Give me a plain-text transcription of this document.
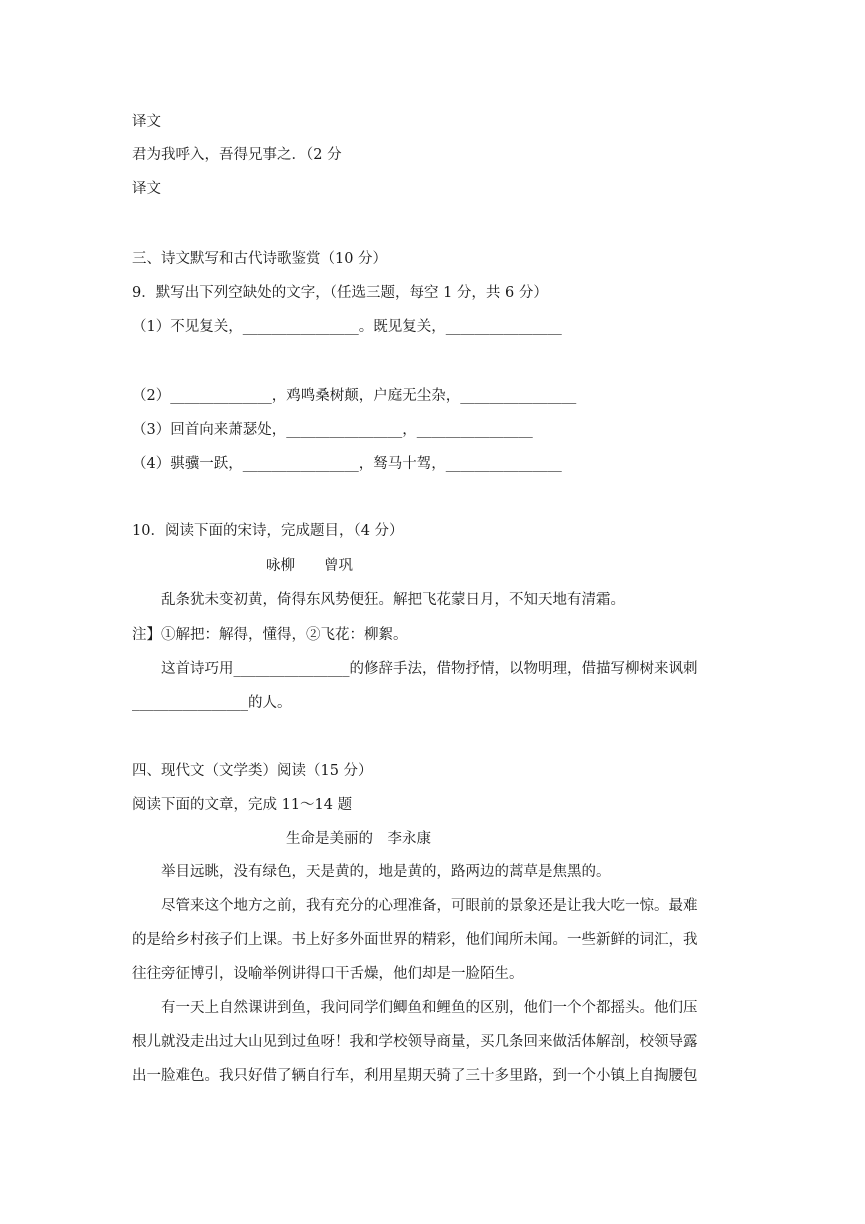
译文
君为我呼入，吾得兄事之．（2 分
译文
三、诗文默写和古代诗歌鉴赏（10 分）
9．默写出下列空缺处的文字，（任选三题，每空 1 分，共 6 分）
（1）不见复关，________________。既见复关，________________
（2）______________，鸡鸣桑树颠，户庭无尘杂，________________
（3）回首向来萧瑟处，________________，________________
（4）骐骥一跃，________________，驽马十驾，________________
10．阅读下面的宋诗，完成题目，（4 分）
咏柳　　曾巩
乱条犹未变初黄，倚得东风势便狂。解把飞花蒙日月，不知天地有清霜。
注】①解把：解得，懂得，②飞花：柳絮。
这首诗巧用________________的修辞手法，借物抒情，以物明理，借描写柳树来讽刺
________________的人。
四、现代文（文学类）阅读（15 分）
阅读下面的文章，完成 11～14 题
生命是美丽的　李永康
举目远眺，没有绿色，天是黄的，地是黄的，路两边的蒿草是焦黑的。
尽管来这个地方之前，我有充分的心理准备，可眼前的景象还是让我大吃一惊。最难
的是给乡村孩子们上课。书上好多外面世界的精彩，他们闻所未闻。一些新鲜的词汇，我
往往旁征博引，设喻举例讲得口干舌燥，他们却是一脸陌生。
有一天上自然课讲到鱼，我问同学们鲫鱼和鲤鱼的区别，他们一个个都摇头。他们压
根儿就没走出过大山见到过鱼呀！我和学校领导商量，买几条回来做活体解剖，校领导露
出一脸难色。我只好借了辆自行车，利用星期天骑了三十多里路，到一个小镇上自掏腰包
